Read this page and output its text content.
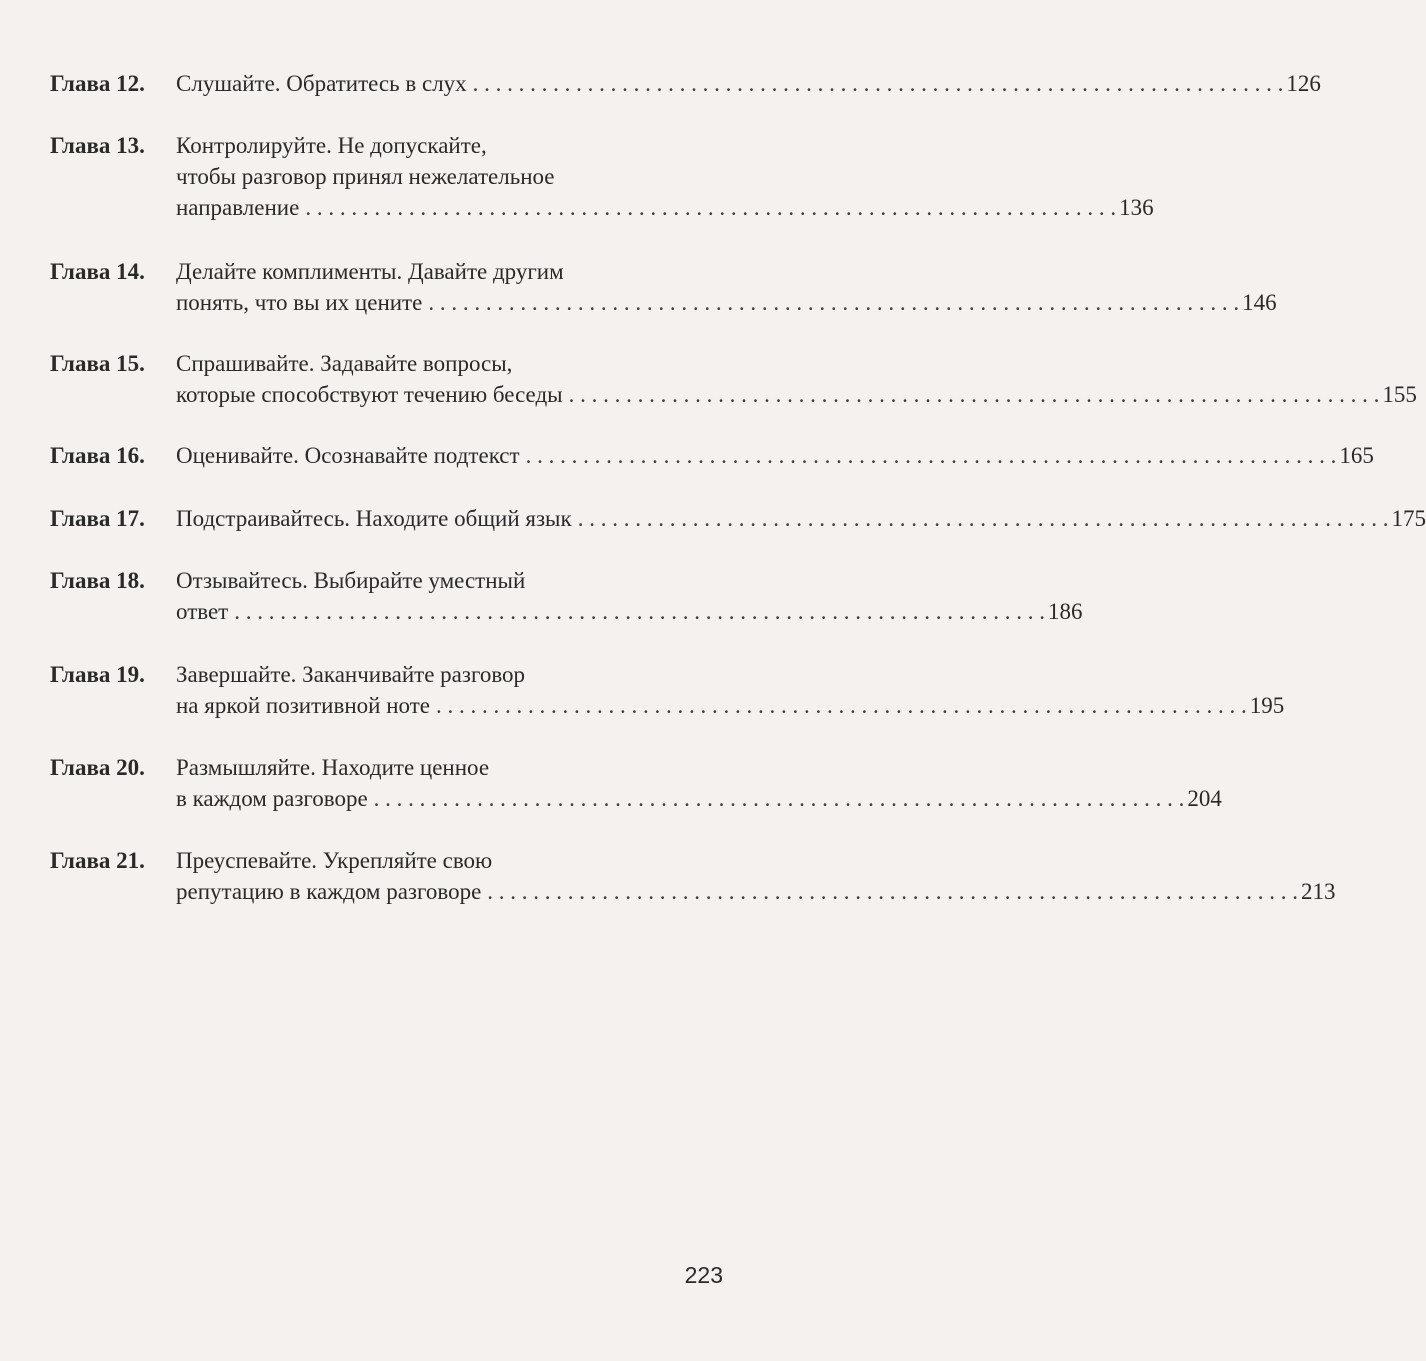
Глава 12.	Слушайте. Обратитесь в слух . . .	126
Глава 13.	Контролируйте. Не допускайте,
чтобы разговор принял нежелательное
направление . . .	136
Глава 14.	Делайте комплименты. Давайте другим
понять, что вы их цените . . .	146
Глава 15.	Спрашивайте. Задавайте вопросы,
которые способствуют течению беседы . . .	155
Глава 16.	Оценивайте. Осознавайте подтекст . . .	165
Глава 17.	Подстраивайтесь. Находите общий язык . . .	175
Глава 18.	Отзывайтесь. Выбирайте уместный
ответ . . .	186
Глава 19.	Завершайте. Заканчивайте разговор
на яркой позитивной ноте . . .	195
Глава 20.	Размышляйте. Находите ценное
в каждом разговоре . . .	204
Глава 21.	Преуспевайте. Укрепляйте свою
репутацию в каждом разговоре . . .	213
223
